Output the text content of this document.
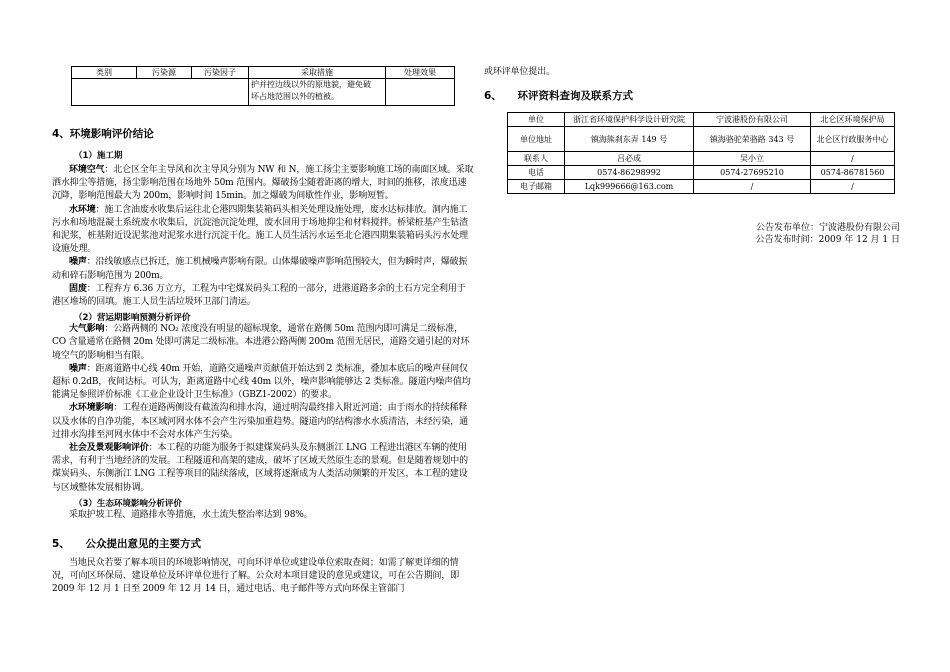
类别	污染源	污染因子	采取措施	处理效果

			护并控边线以外的原地貌，避免破
坏占地范围以外的植被。	

4、环境影响评价结论

（1）施工期

环境空气：北仑区全年主导风和次主导风分别为 NW 和 N，施工扬尘主要影响施工场的南面区域。采取洒水抑尘等措施，扬尘影响范围在场地外 50m 范围内。爆破扬尘随着距离的增大，时间的推移，浓度迅速沉降，影响范围最大为 200m，影响时间 15min。加之爆破为间歇性作业，影响短暂。

水环境：施工含油废水收集后运往北仑港四期集装箱码头相关处理设施处理，废水达标排放。洞内施工污水和场地混凝土系统废水收集后，沉淀池沉淀处理，废水回用于场地抑尘和材料搅拌。桥梁桩基产生钻渣和泥浆，桩基附近设泥浆池对泥浆水进行沉淀干化。施工人员生活污水运至北仑港四期集装箱码头污水处理设施处理。

噪声：沿线敏感点已拆迁，施工机械噪声影响有限。山体爆破噪声影响范围较大，但为瞬时声，爆破振动和碎石影响范围为 200m。

固废：工程弃方 6.36 万立方，工程为中宅煤炭码头工程的一部分，进港道路多余的土石方完全利用于港区堆场的回填。施工人员生活垃圾环卫部门清运。

（2）营运期影响预测分析评价

大气影响：公路两侧的 NO₂ 浓度没有明显的超标现象，通常在路侧 50m 范围内即可满足二级标准，CO 含量通常在路侧 20m 处即可满足二级标准。本进港公路两侧 200m 范围无居民，道路交通引起的对环境空气的影响相当有限。

噪声：距离道路中心线 40m 开始，道路交通噪声贡献值开始达到 2 类标准，叠加本底后的噪声昼间仅超标 0.2dB，夜间达标。可认为，距离道路中心线 40m 以外，噪声影响能够达 2 类标准。隧道内噪声值均能满足参照评价标准《工业企业设计卫生标准》（GBZ1-2002）的要求。

水环境影响：工程在道路两侧设有截流沟和排水沟，通过明沟最终排入附近河道；由于雨水的持续稀释以及水体的自净功能，本区域河网水体不会产生污染加重趋势。隧道内的结构渗水水质清洁，未经污染，通过排水沟排至河网水体中不会对水体产生污染。

社会及景观影响评价：本工程的功能为服务于拟建煤炭码头及东侧浙江 LNG 工程进出港区车辆的使用需求，有利于当地经济的发展。工程隧道和高架的建成，破坏了区域天然原生态的景观。但是随着规划中的煤炭码头、东侧浙江 LNG 工程等项目的陆续落成，区域将逐渐成为人类活动频繁的开发区，本工程的建设与区域整体发展相协调。

（3）生态环境影响分析评价

采取护坡工程、道路排水等措施，水土流失整治率达到 98%。

5、　　公众提出意见的主要方式

当地民众若要了解本项目的环境影响情况，可向环评单位或建设单位索取查阅；如需了解更详细的情况，可向区环保局、建设单位及环评单位进行了解。公众对本项目建设的意见或建议，可在公告期间，即 2009 年 12 月 1 日至 2009 年 12 月 14 日，通过电话、电子邮件等方式向环保主管部门

或环评单位提出。

6、　　环评资料查询及联系方式

单位	浙江省环境保护科学设计研究院	宁波港股份有限公司	北仑区环境保护局
单位地址	镇海熊刹东弄 149 号	镇海骆驼荣骆路 343 号	北仑区行政服务中心
联系人	吕必成	吴小立	/
电话	0574-86298992	0574-27695210	0574-86781560
电子邮箱	Lqk999666@163.com	/	/
公告发布单位：宁波港股份有限公司
公告发布时间：2009 年 12 月 1 日
